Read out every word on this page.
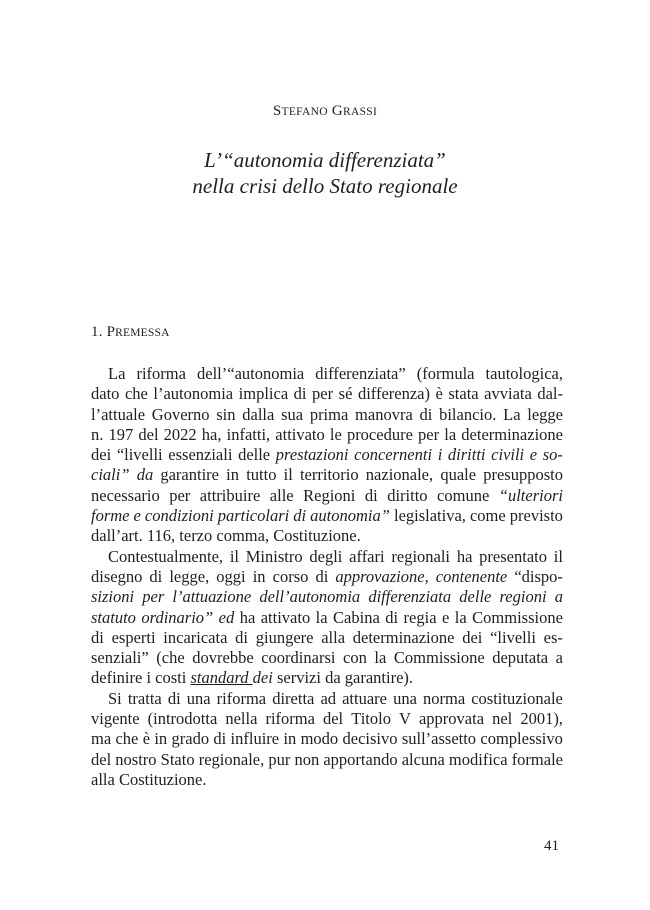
STEFANO GRASSI
L’“autonomia differenziata”
nella crisi dello Stato regionale
1. PREMESSA
La riforma dell’“autonomia differenziata” (formula tautologica,
dato che l’autonomia implica di per sé differenza) è stata avviata dal-
l’attuale Governo sin dalla sua prima manovra di bilancio. La legge
n. 197 del 2022 ha, infatti, attivato le procedure per la determinazione
dei “livelli essenziali delle prestazioni concernenti i diritti civili e so-
ciali” da garantire in tutto il territorio nazionale, quale presupposto
necessario per attribuire alle Regioni di diritto comune “ulteriori
forme e condizioni particolari di autonomia” legislativa, come previsto
dall’art. 116, terzo comma, Costituzione.
Contestualmente, il Ministro degli affari regionali ha presentato il
disegno di legge, oggi in corso di approvazione, contenente “dispo-
sizioni per l’attuazione dell’autonomia differenziata delle regioni a
statuto ordinario” ed ha attivato la Cabina di regia e la Commissione
di esperti incaricata di giungere alla determinazione dei “livelli es-
senziali” (che dovrebbe coordinarsi con la Commissione deputata a
definire i costi standard dei servizi da garantire).
Si tratta di una riforma diretta ad attuare una norma costituzionale
vigente (introdotta nella riforma del Titolo V approvata nel 2001),
ma che è in grado di influire in modo decisivo sull’assetto complessivo
del nostro Stato regionale, pur non apportando alcuna modifica formale
alla Costituzione.
41
